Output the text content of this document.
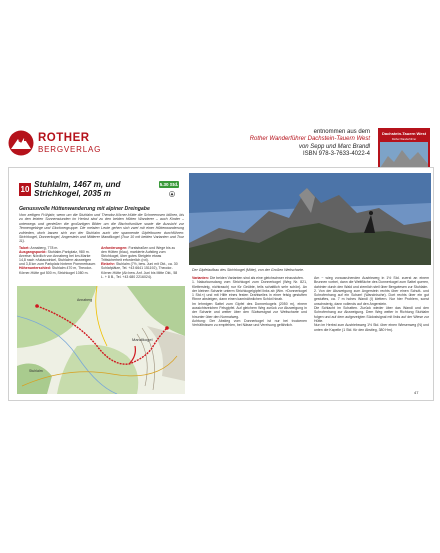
ROTHER
BERGVERLAG
entnommen aus dem
Rother Wanderführer Dachstein-Tauern West
von Sepp und Marc Brandl
ISBN 978-3-7633-4022-4
Dachstein-Tauern West
Rother Wanderführer
10
Stuhlalm, 1467 m, und
Strichkogel, 2035 m
5.30 Std.
Genussvolle Hüttenwanderung mit alpiner Dreingabe
Vom zeitigen Frühjahr, wenn um die Stuhlalm und Theodor-Körner-Hütte die Schneerosen blühen, bis zu den letzten Sonnenstunden im Herbst sind zu den beiden Hütten Wanderer – auch Kinder – unterwegs und genießen die großartigen Bilder um die Bischofsmütze sowie die Aussicht zur Tennengebirge und Glocknergruppe. Die meisten Leute gehen sich zwei mit einer Hüttenwanderung zufrieden, doch lassen sich von der Stuhlalm auch vier spannende Gipfeltouren durchführen: Strichkogel, Donnerkogel, Angerstein und Mittlerer Mandlkogel (Tour 10 mit beiden Varianten und Tour 11).
Talort: Annaberg, 778 m.
Ausgangspunkt: Stuhlalm-Parkplatz, 980 m. Anreise: Nördlich von Annaberg bei km-Marke 14,8 nach »Astauwinkel, Stuhlalm« abzweigen und 3,8 km zum Parkplatz hinterm Pommerbauer.
Höhenunterschied: Stuhlalm 470 m, Theodor-Körner-Hütte gut 500 m, Strichkogel 1080 m.
Anforderungen: Forststraßen und Wege bis zu den Hütten (blau), markierte Aufstieg zum Strichkogel, über gutes Steiglein etwas Trittsicherheit erforderlich (rot).
Einkehr: Stuhlalm (7½, bew. Juni mit Okt., ca. 30 Schlafplätze, Tel. +43 6641 151192), Theodor-Körner-Hütte (Ab bew. Anf. Juni bis Mitte Okt., 58 L. + 8 B., Tel. +43 680 2216024).
Mandlkogel
Stuhlalm
Annaberg
Der Gipfelaufbau des Strichkogel (Mitte), von der Großen Weitscharte.
Varianten: Die beiden Varianten sind als eine gleichschwer einzustufen.
1. Nakurkunsdang vom Strichkogel zum Donnerkogel (Weg Nr. 821, Klettersteig, nichtrasch) nur für Geübte, teils schattlich sehr schön). An der kleinen Scharte unterm Strichkogelgipfel links ab (Wm. »Donnerkogel 1 Std.«) und mit Hilfe eines festen Drahtseiles in einer felsig gestuften Rinne absteigen, dann einen kaminähnlichen Schlot hinab.
Im lehmigen Sattel zum Gipfel des Donnerkogels (2050 m), einem aussichtsreichen Felsgipfel. Auf gleichem Weg zurück zur Abzweigung in der Scharte und weiter über den Südwestgrat zur Weitscharte und hinunter über den Normalweg.
Achtung: Der Abstieg vom Donnerkogel ist nur bei trockenen Verhältnissen zu empfehlen, bei Nässe und Vereisung gefährlich.
Am ~ wieg vorausruhenden Austrieweg in 1½ Std. zuerst an einem Brunnen vorbei, dann die Weitfläche des Donnerkogel zum Sattel queren, dahinter durch den Wald und ziemlich steil über Bergwiesen zur Stuhlalm.
2. Von der Abzweigung zum Angerstein rechts über einen Schutt- und Schrofenhang auf ein Scharrl (Wandnische). Dort rechts über ein gut gestuftes, ca. 7 m hohes Wandl (I) klettern. Nur hier Problem, sonst unschwierig, dann vollends auf den Angerstein.
Die Schlacht im Schatten. Zurück wieder über das Wandl und den Schrofenhang zur Abzweigung. Dem Weg weiter in Richtung Stuhlalm folgen und auf dem aufgezeigten Südostsignal mit links auf der Wiese zur Hütte.
Nun im Herbst zum Austriebsweg 1½ Std. über einen Wiesenweg (N) und unten die Kapelle (1 Std. für den Abstieg, 380 Hm).
47
